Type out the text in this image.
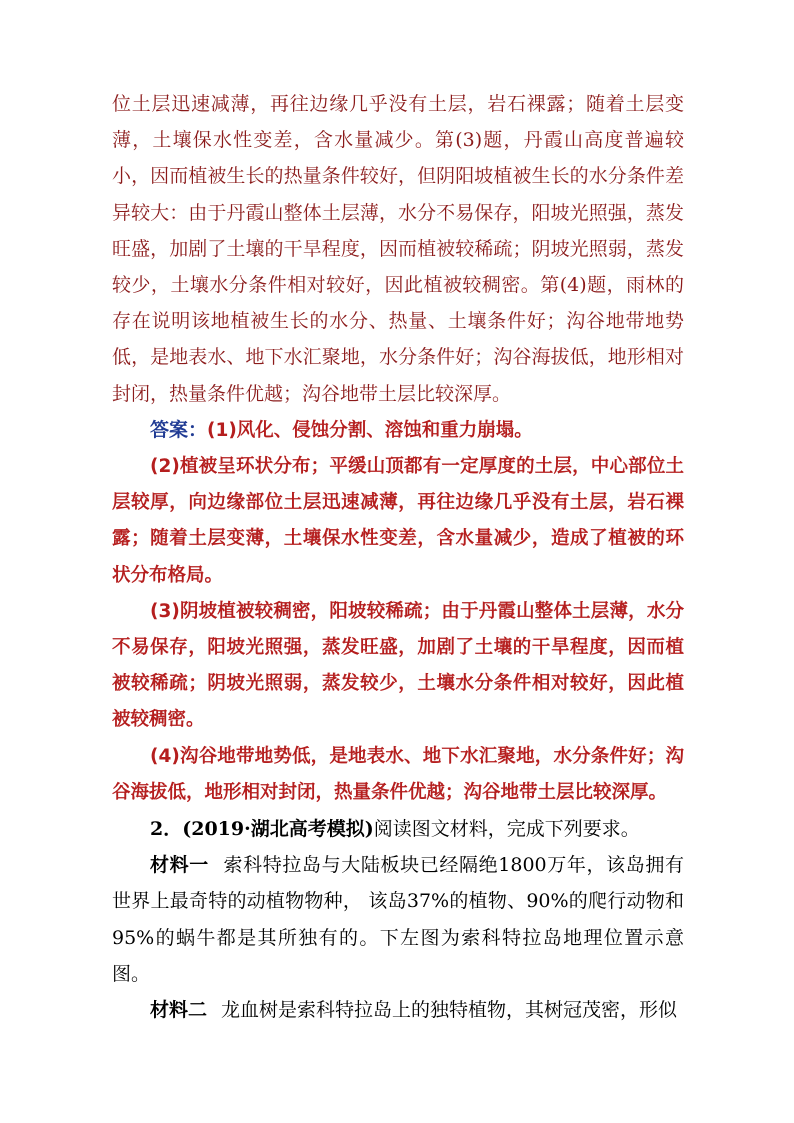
位土层迅速减薄，再往边缘几乎没有土层，岩石裸露；随着土层变薄，土壤保水性变差，含水量减少。第(3)题，丹霞山高度普遍较小，因而植被生长的热量条件较好，但阴阳坡植被生长的水分条件差异较大：由于丹霞山整体土层薄，水分不易保存，阳坡光照强，蒸发旺盛，加剧了土壤的干旱程度，因而植被较稀疏；阴坡光照弱，蒸发较少，土壤水分条件相对较好，因此植被较稠密。第(4)题，雨林的存在说明该地植被生长的水分、热量、土壤条件好；沟谷地带地势低，是地表水、地下水汇聚地，水分条件好；沟谷海拔低，地形相对封闭，热量条件优越；沟谷地带土层比较深厚。

答案：(1)风化、侵蚀分割、溶蚀和重力崩塌。

(2)植被呈环状分布；平缓山顶都有一定厚度的土层，中心部位土层较厚，向边缘部位土层迅速减薄，再往边缘几乎没有土层，岩石裸露；随着土层变薄，土壤保水性变差，含水量减少，造成了植被的环状分布格局。

(3)阴坡植被较稠密，阳坡较稀疏；由于丹霞山整体土层薄，水分不易保存，阳坡光照强，蒸发旺盛，加剧了土壤的干旱程度，因而植被较稀疏；阴坡光照弱，蒸发较少，土壤水分条件相对较好，因此植被较稠密。

(4)沟谷地带地势低，是地表水、地下水汇聚地，水分条件好；沟谷海拔低，地形相对封闭，热量条件优越；沟谷地带土层比较深厚。

2．(2019·湖北高考模拟)阅读图文材料，完成下列要求。

材料一 索科特拉岛与大陆板块已经隔绝1800万年，该岛拥有世界上最奇特的动植物物种， 该岛37%的植物、90%的爬行动物和95%的蜗牛都是其所独有的。下左图为索科特拉岛地理位置示意图。

材料二 龙血树是索科特拉岛上的独特植物，其树冠茂密，形似
